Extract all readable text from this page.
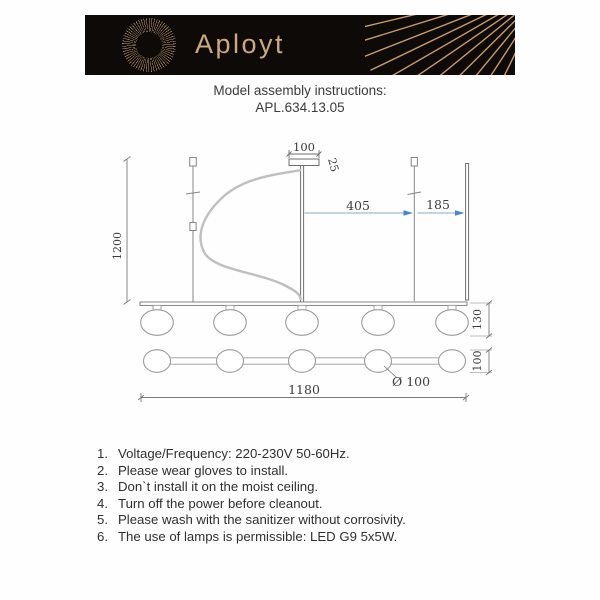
Aployt
Model assembly instructions:
APL.634.13.05
1200
100
25
405	185
130
100
Ø 100
1180
1. Voltage/Frequency: 220-230V 50-60Hz.
2. Please wear gloves to install.
3. Don`t install it on the moist ceiling.
4. Turn off the power before cleanout.
5. Please wash with the sanitizer without corrosivity.
6. The use of lamps is permissible: LED G9 5x5W.
